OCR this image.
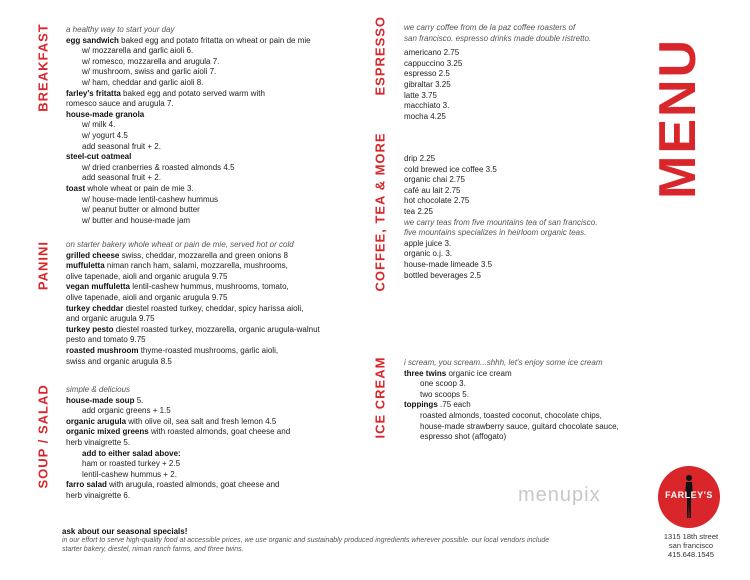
MENU
BREAKFAST
PANINI
SOUP / SALAD
ESPRESSO
COFFEE, TEA & MORE
ICE CREAM
a healthy way to start your day
egg sandwich baked egg and potato fritatta on wheat or pain de mie
w/ mozzarella and garlic aioli 6.
w/ romesco, mozzarella and arugula 7.
w/ mushroom, swiss and garlic aioli 7.
w/ ham, cheddar and garlic aioli 8.
farley's fritatta baked egg and potato served warm with
romesco sauce and arugula 7.
house-made granola
w/ milk 4.
w/ yogurt 4.5
add seasonal fruit + 2.
steel-cut oatmeal
w/ dried cranberries & roasted almonds 4.5
add seasonal fruit + 2.
toast whole wheat or pain de mie 3.
w/ house-made lentil-cashew hummus
w/ peanut butter or almond butter
w/ butter and house-made jam
on starter bakery whole wheat or pain de mie, served hot or cold
grilled cheese swiss, cheddar, mozzarella and green onions 8
muffuletta niman ranch ham, salami, mozzarella, mushrooms,
olive tapenade, aioli and organic arugula 9.75
vegan muffuletta lentil-cashew hummus, mushrooms, tomato,
olive tapenade, aioli and organic arugula 9.75
turkey cheddar diestel roasted turkey, cheddar, spicy harissa aioli,
and organic arugula 9.75
turkey pesto diestel roasted turkey, mozzarella, organic arugula-walnut
pesto and tomato 9.75
roasted mushroom thyme-roasted mushrooms, garlic aioli,
swiss and organic arugula 8.5
simple & delicious
house-made soup 5.
add organic greens + 1.5
organic arugula with olive oil, sea salt and fresh lemon 4.5
organic mixed greens with roasted almonds, goat cheese and
herb vinaigrette 5.
add to either salad above:
ham or roasted turkey + 2.5
lentil-cashew hummus + 2.
farro salad with arugula, roasted almonds, goat cheese and
herb vinaigrette 6.
we carry coffee from de la paz coffee roasters of
san francisco. espresso drinks made double ristretto.
americano 2.75
cappuccino 3.25
espresso 2.5
gibraltar 3.25
latte 3.75
macchiato 3.
mocha 4.25
drip 2.25
cold brewed ice coffee 3.5
organic chai 2.75
café au lait 2.75
hot chocolate 2.75
tea 2.25
we carry teas from five mountains tea of san francisco.
five mountains specializes in heirloom organic teas.
apple juice 3.
organic o.j. 3.
house-made limeade 3.5
bottled beverages 2.5
i scream, you scream...shhh, let's enjoy some ice cream
three twins organic ice cream
one scoop 3.
two scoops 5.
toppings .75 each
roasted almonds, toasted coconut, chocolate chips,
house-made strawberry sauce, guitard chocolate sauce,
espresso shot (affogato)
menupix	FARLEY'S
1315 18th street
san francisco
415.648.1545
ask about our seasonal specials!
in our effort to serve high-quality food at accessible prices, we use organic and sustainably produced ingredients wherever possible. our local vendors include
starter bakery, diestel, niman ranch farms, and three twins.
